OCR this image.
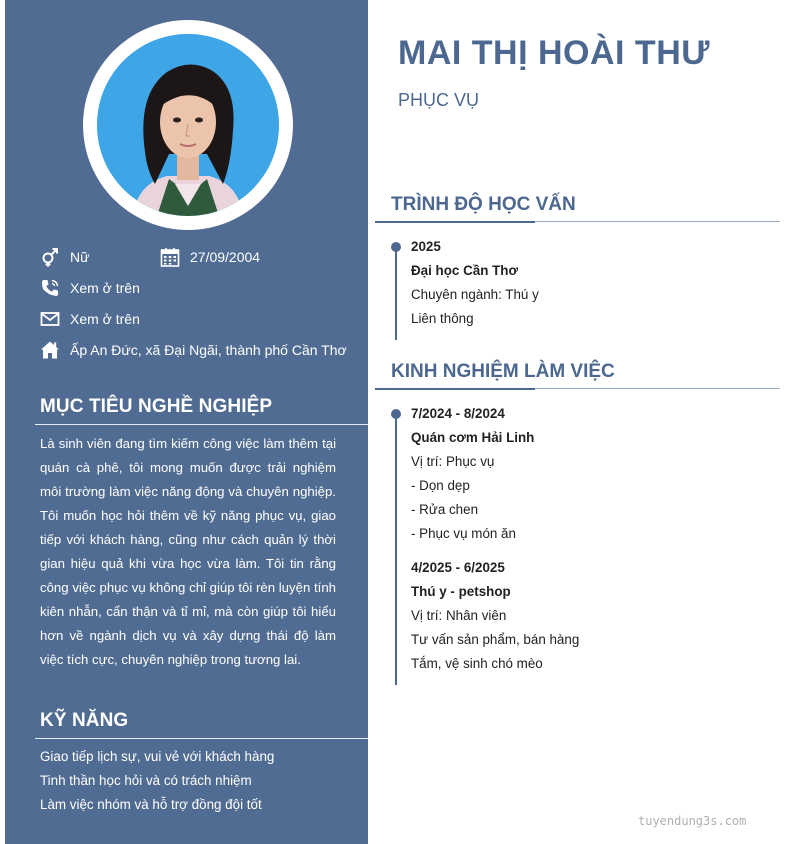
Nữ	27/09/2004
Xem ở trên
Xem ở trên
Ấp An Đức, xã Đại Ngãi, thành phố Cần Thơ
MỤC TIÊU NGHỀ NGHIỆP
Là sinh viên đang tìm kiếm công việc làm thêm tại quán cà phê, tôi mong muốn được trải nghiệm môi trường làm việc năng động và chuyên nghiệp. Tôi muốn học hỏi thêm về kỹ năng phục vụ, giao tiếp với khách hàng, cũng như cách quản lý thời gian hiệu quả khi vừa học vừa làm. Tôi tin rằng công việc phục vụ không chỉ giúp tôi rèn luyện tính kiên nhẫn, cẩn thận và tỉ mỉ, mà còn giúp tôi hiểu hơn về ngành dịch vụ và xây dựng thái độ làm việc tích cực, chuyên nghiệp trong tương lai.
KỸ NĂNG
Giao tiếp lịch sự, vui vẻ với khách hàng
Tinh thần học hỏi và có trách nhiệm
Làm việc nhóm và hỗ trợ đồng đội tốt
MAI THỊ HOÀI THƯ
PHỤC VỤ
TRÌNH ĐỘ HỌC VẤN
2025
Đại học Cần Thơ
Chuyên ngành: Thú y
Liên thông
KINH NGHIỆM LÀM VIỆC
7/2024 - 8/2024
Quán cơm Hải Linh
Vị trí: Phục vụ
- Dọn dẹp
- Rửa chen
- Phục vụ món ăn
4/2025 - 6/2025
Thú y - petshop
Vị trí: Nhân viên
Tư vấn sản phẩm, bán hàng
Tắm, vệ sinh chó mèo
tuyendung3s.com
